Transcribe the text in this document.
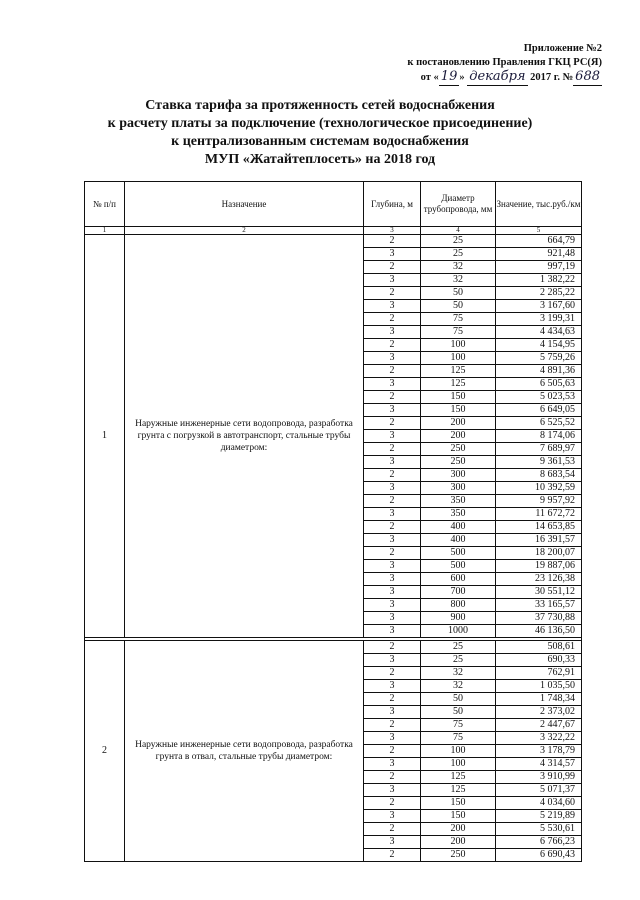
Приложение №2
к постановлению Правления ГКЦ РС(Я)
от « 19 » декабря 2017 г. № 688
Ставка тарифа за протяженность сетей водоснабжения
к расчету платы за подключение (технологическое присоединение)
к централизованным системам водоснабжения
МУП «Жатайтеплосеть» на 2018 год
№ п/п	Назначение	Глубина, м	Диаметр трубопровода, мм	Значение, тыс.руб./км
1	2	3	4	5
1	Наружные инженерные сети водопровода, разработка грунта с погрузкой в автотранспорт, стальные трубы диаметром:	2	25	664,79
		3	25	921,48
		2	32	997,19
		3	32	1 382,22
		2	50	2 285,22
		3	50	3 167,60
		2	75	3 199,31
		3	75	4 434,63
		2	100	4 154,95
		3	100	5 759,26
		2	125	4 891,36
		3	125	6 505,63
		2	150	5 023,53
		3	150	6 649,05
		2	200	6 525,52
		3	200	8 174,06
		2	250	7 689,97
		3	250	9 361,53
		2	300	8 683,54
		3	300	10 392,59
		2	350	9 957,92
		3	350	11 672,72
		2	400	14 653,85
		3	400	16 391,57
		2	500	18 200,07
		3	500	19 887,06
		3	600	23 126,38
		3	700	30 551,12
		3	800	33 165,57
		3	900	37 730,88
		3	1000	46 136,50

2	Наружные инженерные сети водопровода, разработка грунта в отвал, стальные трубы диаметром:	2	25	508,61
		3	25	690,33
		2	32	762,91
		3	32	1 035,50
		2	50	1 748,34
		3	50	2 373,02
		2	75	2 447,67
		3	75	3 322,22
		2	100	3 178,79
		3	100	4 314,57
		2	125	3 910,99
		3	125	5 071,37
		2	150	4 034,60
		3	150	5 219,89
		2	200	5 530,61
		3	200	6 766,23
		2	250	6 690,43
